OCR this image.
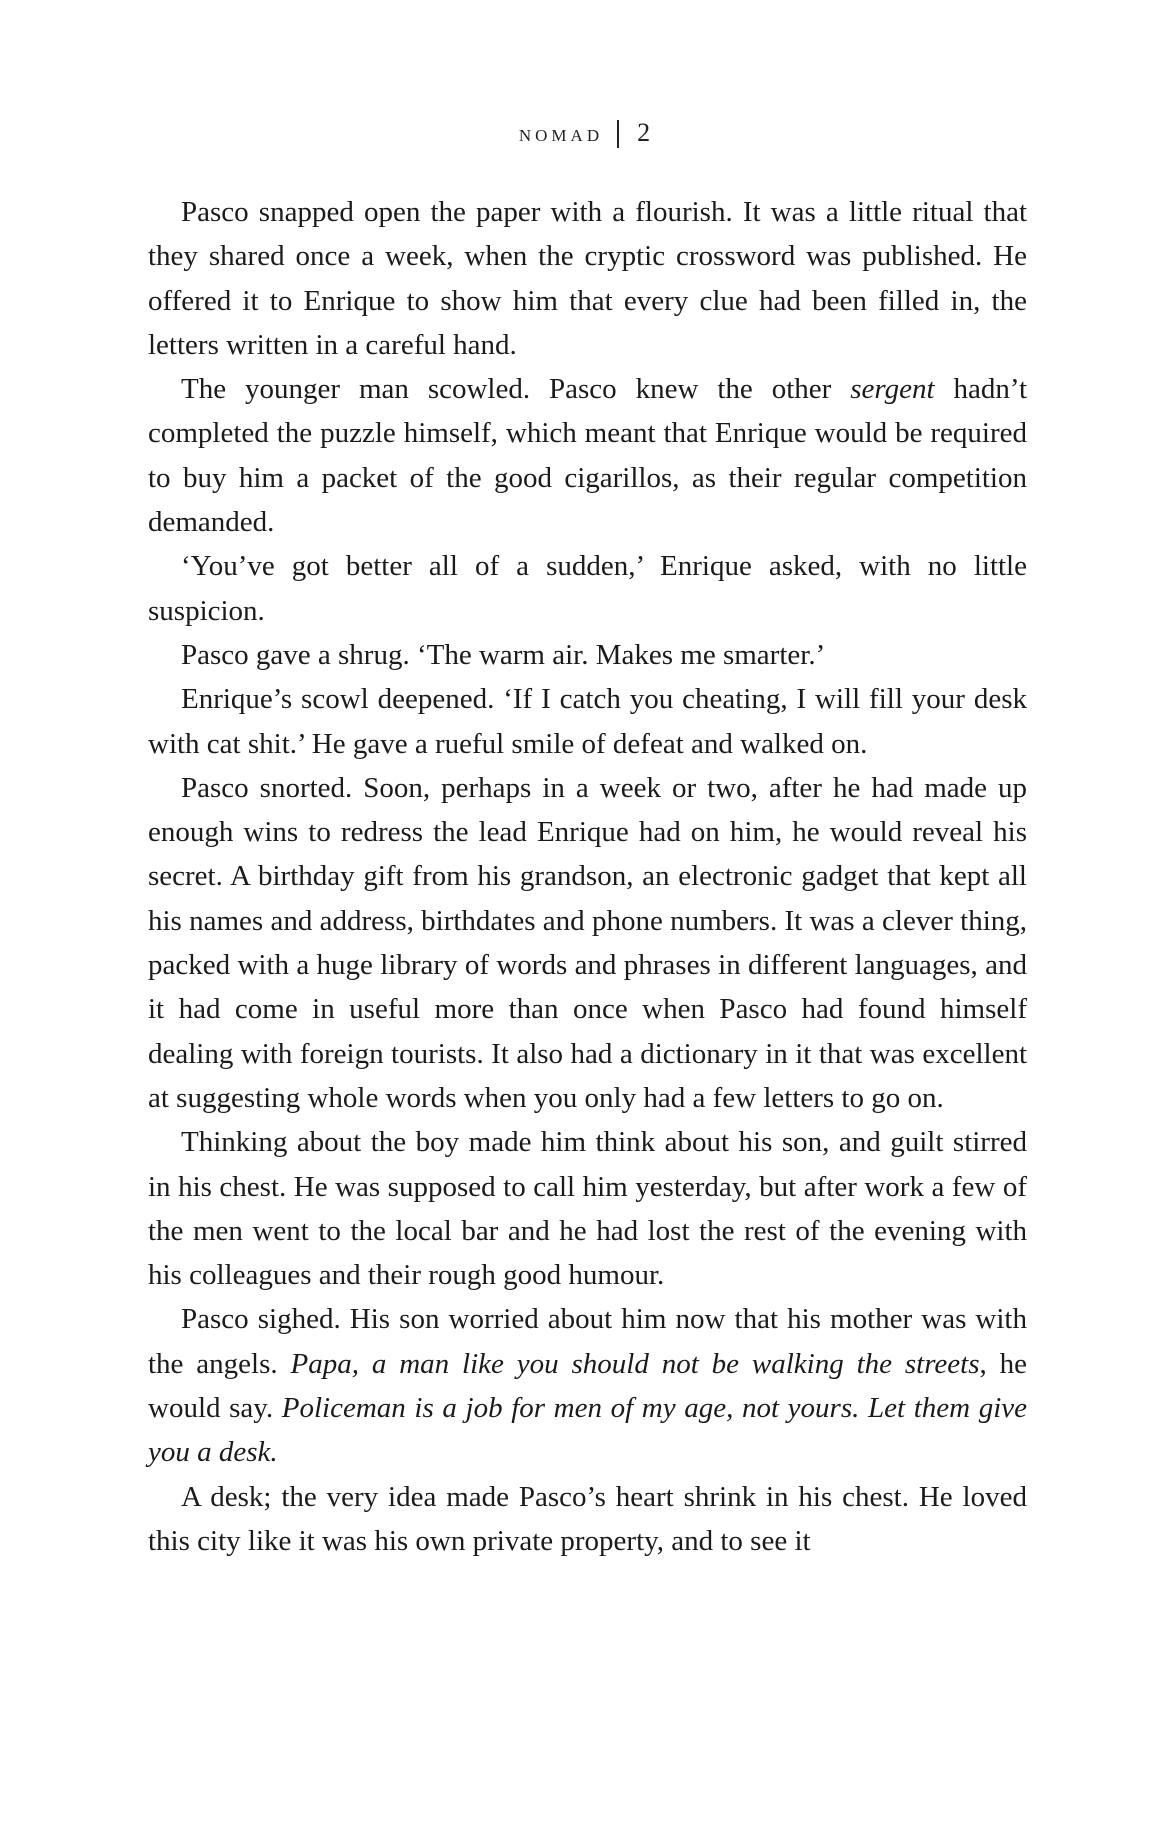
nomad 2

Pasco snapped open the paper with a flourish. It was a little ritual that they shared once a week, when the cryptic crossword was published. He offered it to Enrique to show him that every clue had been filled in, the letters written in a careful hand.

The younger man scowled. Pasco knew the other sergent hadn’t completed the puzzle himself, which meant that Enrique would be required to buy him a packet of the good cigarillos, as their regular competition demanded.

‘You’ve got better all of a sudden,’ Enrique asked, with no little suspicion.

Pasco gave a shrug. ‘The warm air. Makes me smarter.’

Enrique’s scowl deepened. ‘If I catch you cheating, I will fill your desk with cat shit.’ He gave a rueful smile of defeat and walked on.

Pasco snorted. Soon, perhaps in a week or two, after he had made up enough wins to redress the lead Enrique had on him, he would reveal his secret. A birthday gift from his grandson, an electronic gadget that kept all his names and address, birthdates and phone numbers. It was a clever thing, packed with a huge library of words and phrases in different languages, and it had come in useful more than once when Pasco had found himself dealing with foreign tourists. It also had a dictionary in it that was excellent at suggesting whole words when you only had a few letters to go on.

Thinking about the boy made him think about his son, and guilt stirred in his chest. He was supposed to call him yesterday, but after work a few of the men went to the local bar and he had lost the rest of the evening with his colleagues and their rough good humour.

Pasco sighed. His son worried about him now that his mother was with the angels. Papa, a man like you should not be walking the streets, he would say. Policeman is a job for men of my age, not yours. Let them give you a desk.

A desk; the very idea made Pasco’s heart shrink in his chest. He loved this city like it was his own private property, and to see it
